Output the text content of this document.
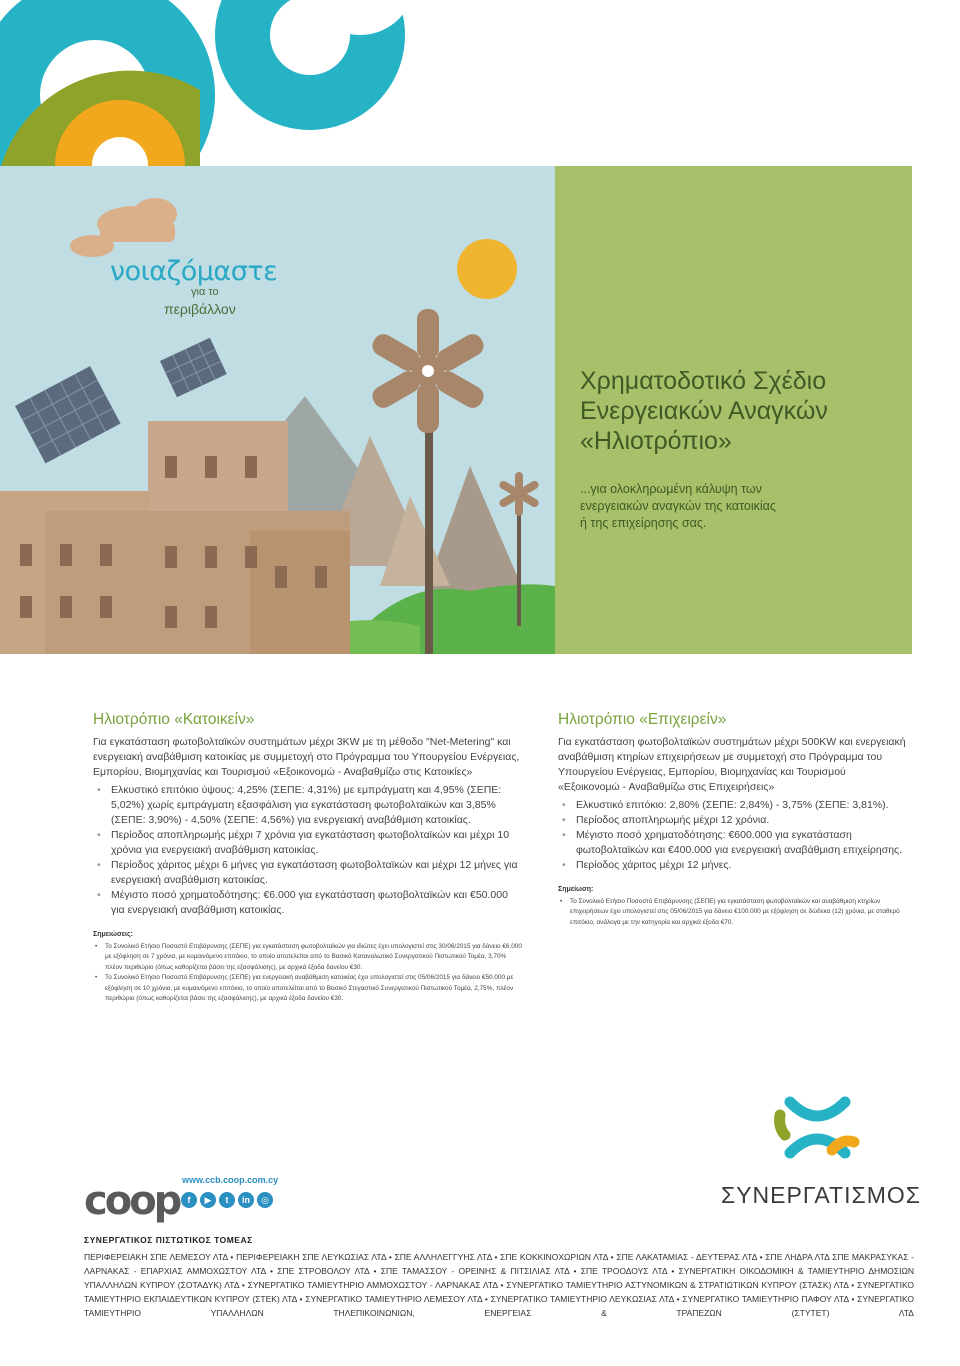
νοιαζόμαστε
για το
περιβάλλον
Χρηματοδοτικό Σχέδιο
Ενεργειακών Αναγκών
«Ηλιοτρόπιο»
...για ολοκληρωμένη κάλυψη των
ενεργειακών αναγκών της κατοικίας
ή της επιχείρησης σας.
Ηλιοτρόπιο «Κατοικείν»

Για εγκατάσταση φωτοβολταϊκών συστημάτων μέχρι 3KW με τη μέθοδο "Net-Metering" και ενεργειακή αναβάθμιση κατοικίας με συμμετοχή στο Πρόγραμμα του Υπουργείου Ενέργειας, Εμπορίου, Βιομηχανίας και Τουρισμού «Εξοικονομώ - Αναβαθμίζω στις Κατοικίες»

• Ελκυστικό επιτόκιο ύψους: 4,25% (ΣΕΠΕ: 4,31%) με εμπράγματη και 4,95% (ΣΕΠΕ: 5,02%) χωρίς εμπράγματη εξασφάλιση για εγκατάσταση φωτοβολταϊκών και 3,85% (ΣΕΠΕ: 3,90%) - 4,50% (ΣΕΠΕ: 4,56%) για ενεργειακή αναβάθμιση κατοικίας.
• Περίοδος αποπληρωμής μέχρι 7 χρόνια για εγκατάσταση φωτοβολταϊκών και μέχρι 10 χρόνια για ενεργειακή αναβάθμιση κατοικίας.
• Περίοδος χάριτος μέχρι 6 μήνες για εγκατάσταση φωτοβολταϊκών και μέχρι 12 μήνες για ενεργειακή αναβάθμιση κατοικίας.
• Μέγιστο ποσό χρηματοδότησης: €6.000 για εγκατάσταση φωτοβολταϊκών και €50.000 για ενεργειακή αναβάθμιση κατοικίας.
Σημειώσεις:
• Το Συνολικό Ετήσιο Ποσοστό Επιβάρυνσης (ΣΕΠΕ) για εγκατάσταση φωτοβολταϊκών για ιδιώτες έχει υπολογιστεί στις 30/06/2015 για δάνειο €6.000 με εξόφληση σε 7 χρόνια, με κυμαινόμενο επιτόκιο, το οποίο αποτελείται από το Βασικό Καταναλωτικό Συνεργατικού Πιστωτικού Τομέα, 3,70% πλέον περιθώριο (όπως καθορίζεται βάσει της εξασφάλισης), με αρχικά έξοδα δανείου €30.
• Το Συνολικό Ετήσιο Ποσοστό Επιβάρυνσης (ΣΕΠΕ) για ενεργειακή αναβάθμιση κατοικίας έχει υπολογιστεί στις 05/06/2015 για δάνειο €50.000 με εξόφληση σε 10 χρόνια, με κυμαινόμενο επιτόκιο, το οποίο αποτελείται από το Βασικό Στεγαστικό Συνεργατικού Πιστωτικού Τομέα, 2,75%, πλέον περιθώριο (όπως καθορίζεται βάσει της εξασφάλισης), με αρχικά έξοδα δανείου €30.
Ηλιοτρόπιο «Επιχειρείν»

Για εγκατάσταση φωτοβολταϊκών συστημάτων μέχρι 500KW και ενεργειακή αναβάθμιση κτηρίων επιχειρήσεων με συμμετοχή στο Πρόγραμμα του Υπουργείου Ενέργειας, Εμπορίου, Βιομηχανίας και Τουρισμού «Εξοικονομώ - Αναβαθμίζω στις Επιχειρήσεις»

• Ελκυστικό επιτόκιο: 2,80% (ΣΕΠΕ: 2,84%) - 3,75% (ΣΕΠΕ: 3,81%).
• Περίοδος αποπληρωμής μέχρι 12 χρόνια.
• Μέγιστο ποσό χρηματοδότησης: €600.000 για εγκατάσταση φωτοβολταϊκών και €400.000 για ενεργειακή αναβάθμιση επιχείρησης.
• Περίοδος χάριτος μέχρι 12 μήνες.
Σημείωση:
• Το Συνολικό Ετήσιο Ποσοστό Επιβάρυνσης (ΣΕΠΕ) για εγκατάσταση φωτοβολταϊκών και αναβάθμιση κτηρίων επιχειρήσεων έχει υπολογιστεί στις 05/06/2015 για δάνειο €100.000 με εξόφληση σε δώδεκα (12) χρόνια, με σταθερό επιτόκιο, ανάλογα με την κατηγορία και αρχικά έξοδα €70.
ΣΥΝΕΡΓΑΤΙΣΜΟΣ
coop www.ccb.coop.com.cy
f	▶	t	in	◎
ΣΥΝΕΡΓΑΤΙΚΟΣ ΠΙΣΤΩΤΙΚΟΣ ΤΟΜΕΑΣ
ΠΕΡΙΦΕΡΕΙΑΚΗ ΣΠΕ ΛΕΜΕΣΟΥ ΛΤΔ • ΠΕΡΙΦΕΡΕΙΑΚΗ ΣΠΕ ΛΕΥΚΩΣΙΑΣ ΛΤΔ • ΣΠΕ ΑΛΛΗΛΕΓΓΥΗΣ ΛΤΔ • ΣΠΕ ΚΟΚΚΙΝΟΧΩΡΙΩΝ ΛΤΔ • ΣΠΕ ΛΑΚΑΤΑΜΙΑΣ - ΔΕΥΤΕΡΑΣ ΛΤΔ • ΣΠΕ ΛΗΔΡΑ ΛΤΔ ΣΠΕ ΜΑΚΡΑΣΥΚΑΣ - ΛΑΡΝΑΚΑΣ - ΕΠΑΡΧΙΑΣ ΑΜΜΟΧΩΣΤΟΥ ΛΤΔ • ΣΠΕ ΣΤΡΟΒΟΛΟΥ ΛΤΔ • ΣΠΕ ΤΑΜΑΣΣΟΥ - ΟΡΕΙΝΗΣ & ΠΙΤΣΙΛΙΑΣ ΛΤΔ • ΣΠΕ ΤΡΟΟΔΟΥΣ ΛΤΔ • ΣΥΝΕΡΓΑΤΙΚΗ ΟΙΚΟΔΟΜΙΚΗ & ΤΑΜΙΕΥΤΗΡΙΟ ΔΗΜΟΣΙΩΝ ΥΠΑΛΛΗΛΩΝ ΚΥΠΡΟΥ (ΣΟΤΑΔΥΚ) ΛΤΔ • ΣΥΝΕΡΓΑΤΙΚΟ ΤΑΜΙΕΥΤΗΡΙΟ ΑΜΜΟΧΩΣΤΟΥ - ΛΑΡΝΑΚΑΣ ΛΤΔ • ΣΥΝΕΡΓΑΤΙΚΟ ΤΑΜΙΕΥΤΗΡΙΟ ΑΣΤΥΝΟΜΙΚΩΝ & ΣΤΡΑΤΙΩΤΙΚΩΝ ΚΥΠΡΟΥ (ΣΤΑΣΚ) ΛΤΔ • ΣΥΝΕΡΓΑΤΙΚΟ ΤΑΜΙΕΥΤΗΡΙΟ ΕΚΠΑΙΔΕΥΤΙΚΩΝ ΚΥΠΡΟΥ (ΣΤΕΚ) ΛΤΔ • ΣΥΝΕΡΓΑΤΙΚΟ ΤΑΜΙΕΥΤΗΡΙΟ ΛΕΜΕΣΟΥ ΛΤΔ • ΣΥΝΕΡΓΑΤΙΚΟ ΤΑΜΙΕΥΤΗΡΙΟ ΛΕΥΚΩΣΙΑΣ ΛΤΔ • ΣΥΝΕΡΓΑΤΙΚΟ ΤΑΜΙΕΥΤΗΡΙΟ ΠΑΦΟΥ ΛΤΔ • ΣΥΝΕΡΓΑΤΙΚΟ ΤΑΜΙΕΥΤΗΡΙΟ ΥΠΑΛΛΗΛΩΝ ΤΗΛΕΠΙΚΟΙΝΩΝΙΩΝ, ΕΝΕΡΓΕΙΑΣ & ΤΡΑΠΕΖΩΝ (ΣΤΥΤΕΤ) ΛΤΔ
